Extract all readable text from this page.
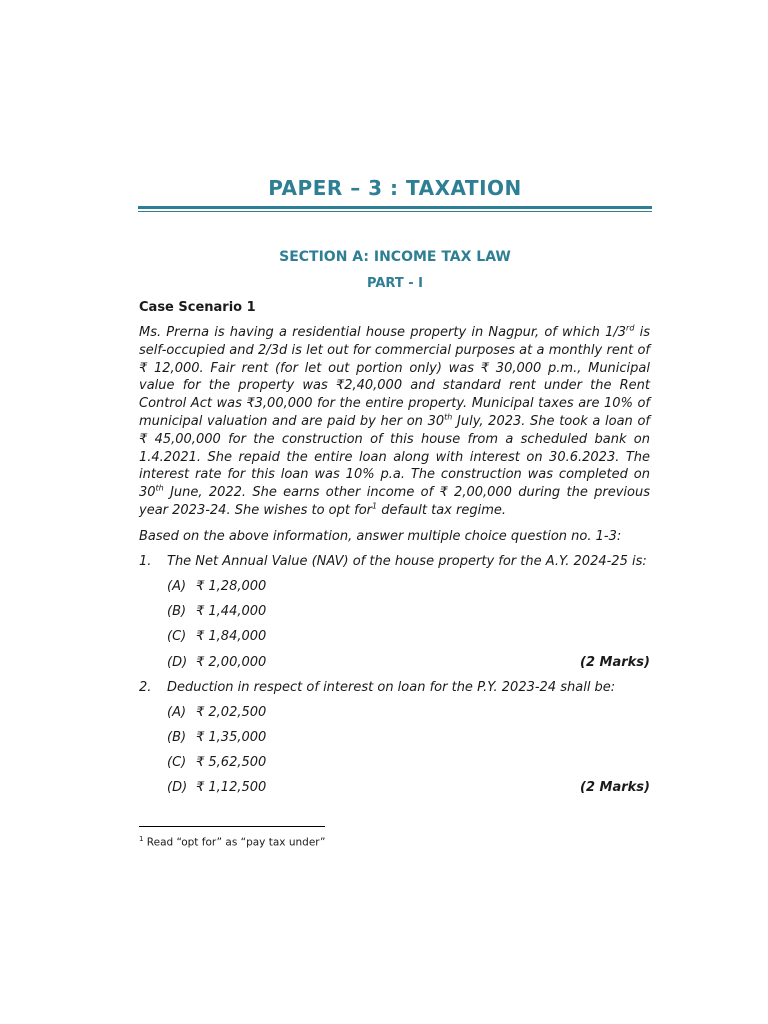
PAPER – 3 : TAXATION
SECTION A: INCOME TAX LAW
PART - I
Case Scenario 1
Ms. Prerna is having a residential house property in Nagpur, of which 1/3rd is self-occupied and 2/3d is let out for commercial purposes at a monthly rent of ₹ 12,000. Fair rent (for let out portion only) was ₹ 30,000 p.m., Municipal value for the property was ₹2,40,000 and standard rent under the Rent Control Act was ₹3,00,000 for the entire property. Municipal taxes are 10% of municipal valuation and are paid by her on 30th July, 2023. She took a loan of ₹ 45,00,000 for the construction of this house from a scheduled bank on 1.4.2021. She repaid the entire loan along with interest on 30.6.2023. The interest rate for this loan was 10% p.a. The construction was completed on 30th June, 2022. She earns other income of ₹ 2,00,000 during the previous year 2023-24. She wishes to opt for$^1$ default tax regime.
Based on the above information, answer multiple choice question no. 1-3:
1. The Net Annual Value (NAV) of the house property for the A.Y. 2024-25 is:
(A) ₹ 1,28,000
(B) ₹ 1,44,000
(C) ₹ 1,84,000
(D) ₹ 2,00,000	(2 Marks)
2. Deduction in respect of interest on loan for the P.Y. 2023-24 shall be:
(A) ₹ 2,02,500
(B) ₹ 1,35,000
(C) ₹ 5,62,500
(D) ₹ 1,12,500	(2 Marks)
$^1$ Read “opt for” as “pay tax under”
